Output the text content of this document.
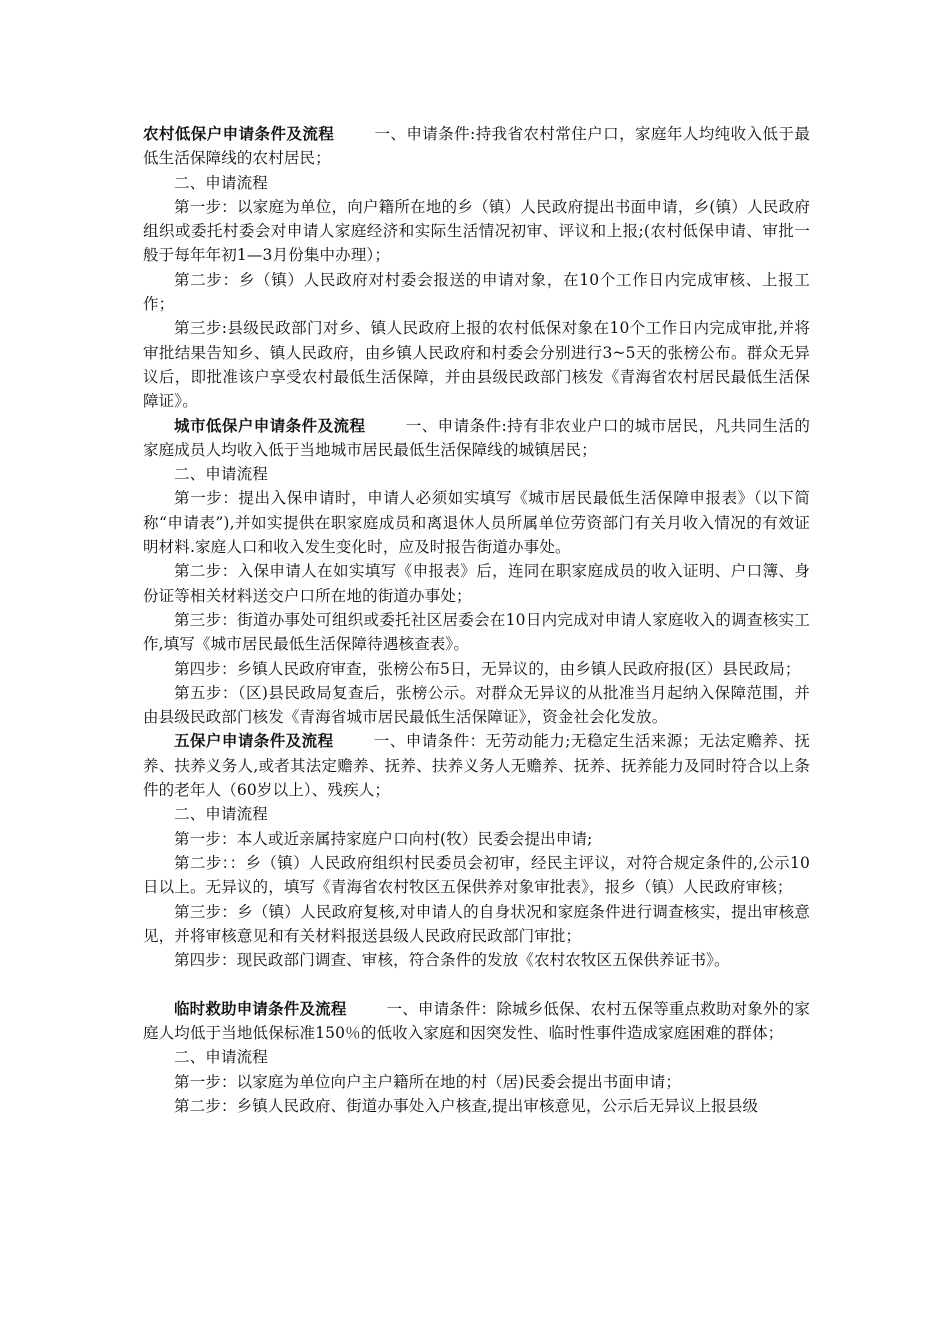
农村低保户申请条件及流程	一、申请条件:持我省农村常住户口，家庭年人均纯收入低于最低生活保障线的农村居民；

二、申请流程

第一步：以家庭为单位，向户籍所在地的乡（镇）人民政府提出书面申请，乡(镇）人民政府组织或委托村委会对申请人家庭经济和实际生活情况初审、评议和上报;(农村低保申请、审批一般于每年年初1—3月份集中办理）；

第二步：乡（镇）人民政府对村委会报送的申请对象，在10个工作日内完成审核、上报工作；

第三步:县级民政部门对乡、镇人民政府上报的农村低保对象在10个工作日内完成审批,并将审批结果告知乡、镇人民政府，由乡镇人民政府和村委会分别进行3~5天的张榜公布。群众无异议后，即批准该户享受农村最低生活保障，并由县级民政部门核发《青海省农村居民最低生活保障证》。

城市低保户申请条件及流程	一、申请条件:持有非农业户口的城市居民，凡共同生活的家庭成员人均收入低于当地城市居民最低生活保障线的城镇居民；

二、申请流程

第一步：提出入保申请时，申请人必须如实填写《城市居民最低生活保障申报表》（以下简称“申请表”),并如实提供在职家庭成员和离退休人员所属单位劳资部门有关月收入情况的有效证明材料.家庭人口和收入发生变化时，应及时报告街道办事处。

第二步：入保申请人在如实填写《申报表》后，连同在职家庭成员的收入证明、户口簿、身份证等相关材料送交户口所在地的街道办事处；

第三步：街道办事处可组织或委托社区居委会在10日内完成对申请人家庭收入的调查核实工作,填写《城市居民最低生活保障待遇核查表》。

第四步：乡镇人民政府审查，张榜公布5日，无异议的，由乡镇人民政府报(区）县民政局；

第五步：（区)县民政局复查后，张榜公示。对群众无异议的从批准当月起纳入保障范围，并由县级民政部门核发《青海省城市居民最低生活保障证》，资金社会化发放。

五保户申请条件及流程	一、申请条件：无劳动能力;无稳定生活来源；无法定赡养、抚养、扶养义务人,或者其法定赡养、抚养、扶养义务人无赡养、抚养、抚养能力及同时符合以上条件的老年人（60岁以上）、残疾人；

二、申请流程

第一步：本人或近亲属持家庭户口向村(牧）民委会提出申请;

第二步：：乡（镇）人民政府组织村民委员会初审，经民主评议，对符合规定条件的,公示10日以上。无异议的，填写《青海省农村牧区五保供养对象审批表》，报乡（镇）人民政府审核；

第三步：乡（镇）人民政府复核,对申请人的自身状况和家庭条件进行调查核实，提出审核意见，并将审核意见和有关材料报送县级人民政府民政部门审批；

第四步：现民政部门调查、审核，符合条件的发放《农村农牧区五保供养证书》。

临时救助申请条件及流程	一、申请条件：除城乡低保、农村五保等重点救助对象外的家庭人均低于当地低保标准150％的低收入家庭和因突发性、临时性事件造成家庭困难的群体；

二、申请流程

第一步：以家庭为单位向户主户籍所在地的村（居)民委会提出书面申请；

第二步：乡镇人民政府、街道办事处入户核查,提出审核意见，公示后无异议上报县级
